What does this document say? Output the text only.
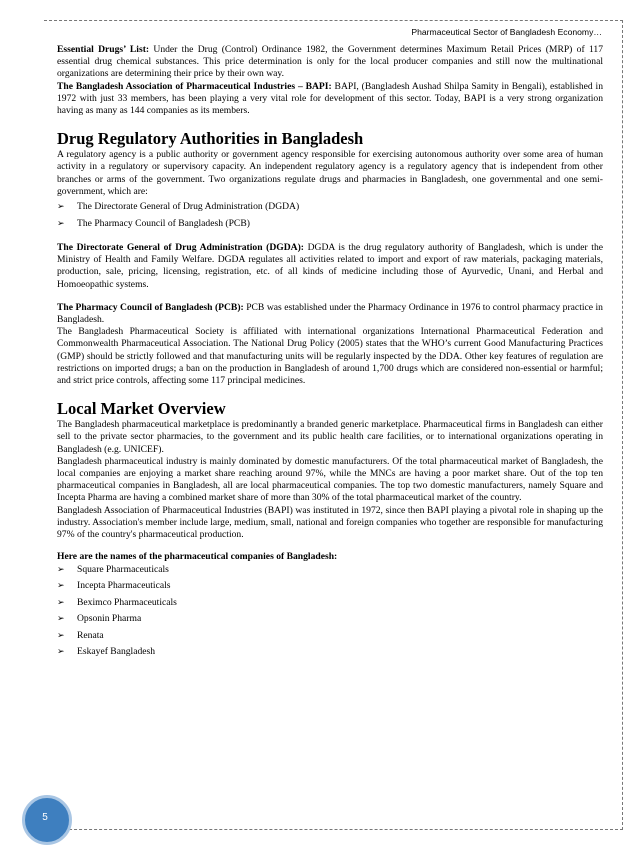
Pharmaceutical Sector of Bangladesh Economy…

Essential Drugs’ List: Under the Drug (Control) Ordinance 1982, the Government determines Maximum Retail Prices (MRP) of 117 essential drug chemical substances. This price determination is only for the local producer companies and still now the multinational organizations are determining their price by their own way.

The Bangladesh Association of Pharmaceutical Industries – BAPI: BAPI, (Bangladesh Aushad Shilpa Samity in Bengali), established in 1972 with just 33 members, has been playing a very vital role for development of this sector. Today, BAPI is a very strong organization having as many as 144 companies as its members.

Drug Regulatory Authorities in Bangladesh

A regulatory agency is a public authority or government agency responsible for exercising autonomous authority over some area of human activity in a regulatory or supervisory capacity. An independent regulatory agency is a regulatory agency that is independent from other branches or arms of the government. Two organizations regulate drugs and pharmacies in Bangladesh, one governmental and one semi-government, which are:

➢	The Directorate General of Drug Administration (DGDA)
➢	The Pharmacy Council of Bangladesh (PCB)

The Directorate General of Drug Administration (DGDA): DGDA is the drug regulatory authority of Bangladesh, which is under the Ministry of Health and Family Welfare. DGDA regulates all activities related to import and export of raw materials, packaging materials, production, sale, pricing, licensing, registration, etc. of all kinds of medicine including those of Ayurvedic, Unani, and Herbal and Homoeopathic systems.

The Pharmacy Council of Bangladesh (PCB): PCB was established under the Pharmacy Ordinance in 1976 to control pharmacy practice in Bangladesh.

The Bangladesh Pharmaceutical Society is affiliated with international organizations International Pharmaceutical Federation and Commonwealth Pharmaceutical Association. The National Drug Policy (2005) states that the WHO’s current Good Manufacturing Practices (GMP) should be strictly followed and that manufacturing units will be regularly inspected by the DDA. Other key features of regulation are restrictions on imported drugs; a ban on the production in Bangladesh of around 1,700 drugs which are considered non-essential or harmful; and strict price controls, affecting some 117 principal medicines.

Local Market Overview

The Bangladesh pharmaceutical marketplace is predominantly a branded generic marketplace. Pharmaceutical firms in Bangladesh can either sell to the private sector pharmacies, to the government and its public health care facilities, or to international organizations operating in Bangladesh (e.g. UNICEF).

Bangladesh pharmaceutical industry is mainly dominated by domestic manufacturers. Of the total pharmaceutical market of Bangladesh, the local companies are enjoying a market share reaching around 97%, while the MNCs are having a poor market share. Out of the top ten pharmaceutical companies in Bangladesh, all are local pharmaceutical companies. The top two domestic manufacturers, namely Square and Incepta Pharma are having a combined market share of more than 30% of the total pharmaceutical market of the country.

Bangladesh Association of Pharmaceutical Industries (BAPI) was instituted in 1972, since then BAPI playing a pivotal role in shaping up the industry. Association's member include large, medium, small, national and foreign companies who together are responsible for manufacturing 97% of the country's pharmaceutical production.

Here are the names of the pharmaceutical companies of Bangladesh:

➢	Square Pharmaceuticals
➢	Incepta Pharmaceuticals
➢	Beximco Pharmaceuticals
➢	Opsonin Pharma
➢	Renata
➢	Eskayef Bangladesh
5
